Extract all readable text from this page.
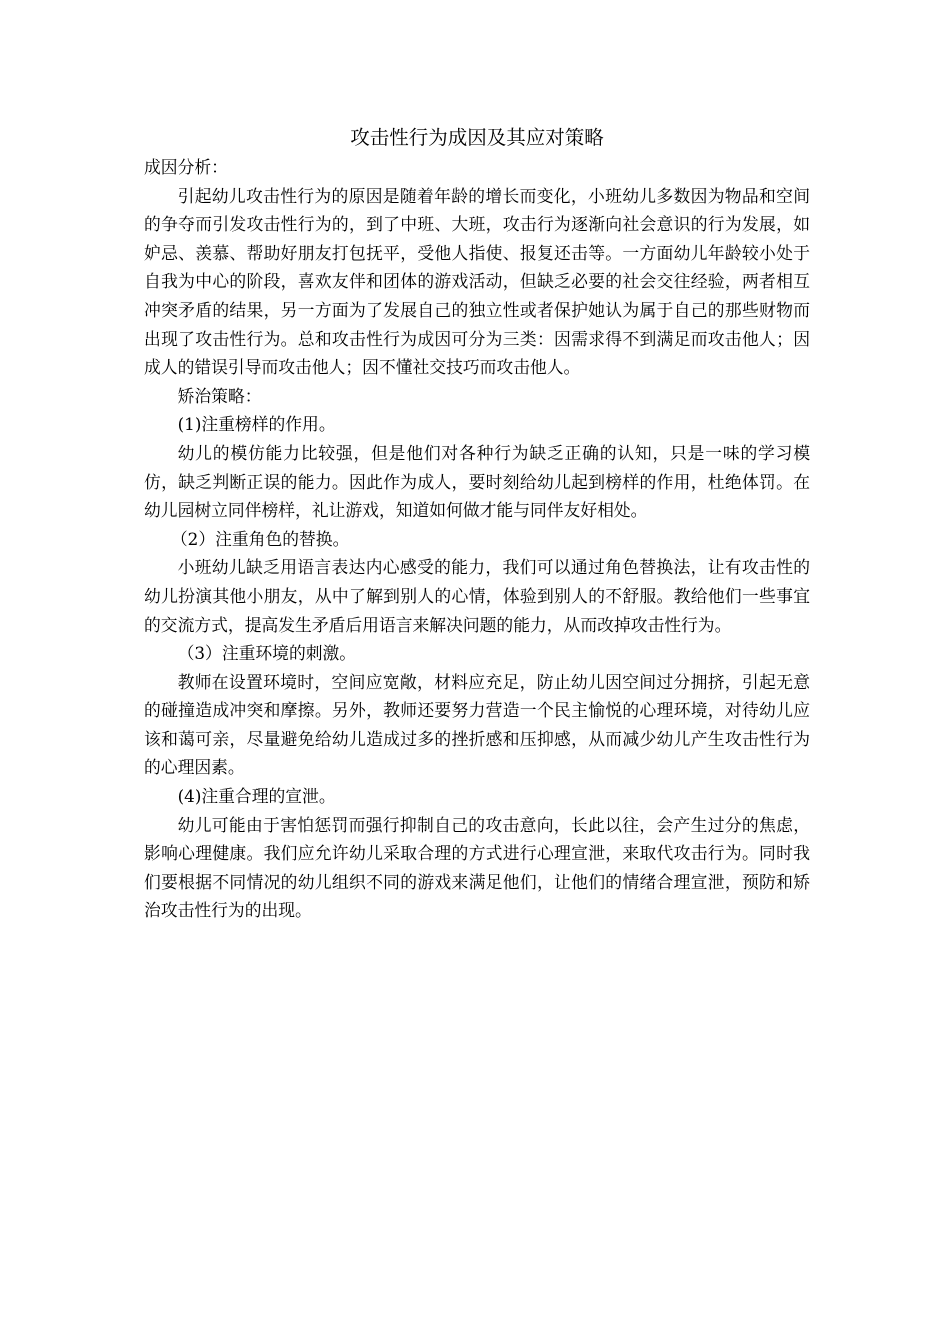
攻击性行为成因及其应对策略

成因分析：

引起幼儿攻击性行为的原因是随着年龄的增长而变化，小班幼儿多数因为物品和空间的争夺而引发攻击性行为的，到了中班、大班，攻击行为逐渐向社会意识的行为发展，如妒忌、羡慕、帮助好朋友打包抚平，受他人指使、报复还击等。一方面幼儿年龄较小处于自我为中心的阶段，喜欢友伴和团体的游戏活动，但缺乏必要的社会交往经验，两者相互冲突矛盾的结果，另一方面为了发展自己的独立性或者保护她认为属于自己的那些财物而出现了攻击性行为。总和攻击性行为成因可分为三类：因需求得不到满足而攻击他人；因成人的错误引导而攻击他人；因不懂社交技巧而攻击他人。

矫治策略：

(1)注重榜样的作用。

幼儿的模仿能力比较强，但是他们对各种行为缺乏正确的认知，只是一味的学习模仿，缺乏判断正误的能力。因此作为成人，要时刻给幼儿起到榜样的作用，杜绝体罚。在幼儿园树立同伴榜样，礼让游戏，知道如何做才能与同伴友好相处。

（2）注重角色的替换。

小班幼儿缺乏用语言表达内心感受的能力，我们可以通过角色替换法，让有攻击性的幼儿扮演其他小朋友，从中了解到别人的心情，体验到别人的不舒服。教给他们一些事宜的交流方式，提高发生矛盾后用语言来解决问题的能力，从而改掉攻击性行为。

（3）注重环境的刺激。

教师在设置环境时，空间应宽敞，材料应充足，防止幼儿因空间过分拥挤，引起无意的碰撞造成冲突和摩擦。另外，教师还要努力营造一个民主愉悦的心理环境，对待幼儿应该和蔼可亲，尽量避免给幼儿造成过多的挫折感和压抑感，从而减少幼儿产生攻击性行为的心理因素。

(4)注重合理的宣泄。

幼儿可能由于害怕惩罚而强行抑制自己的攻击意向，长此以往，会产生过分的焦虑，影响心理健康。我们应允许幼儿采取合理的方式进行心理宣泄，来取代攻击行为。同时我们要根据不同情况的幼儿组织不同的游戏来满足他们，让他们的情绪合理宣泄，预防和矫治攻击性行为的出现。
